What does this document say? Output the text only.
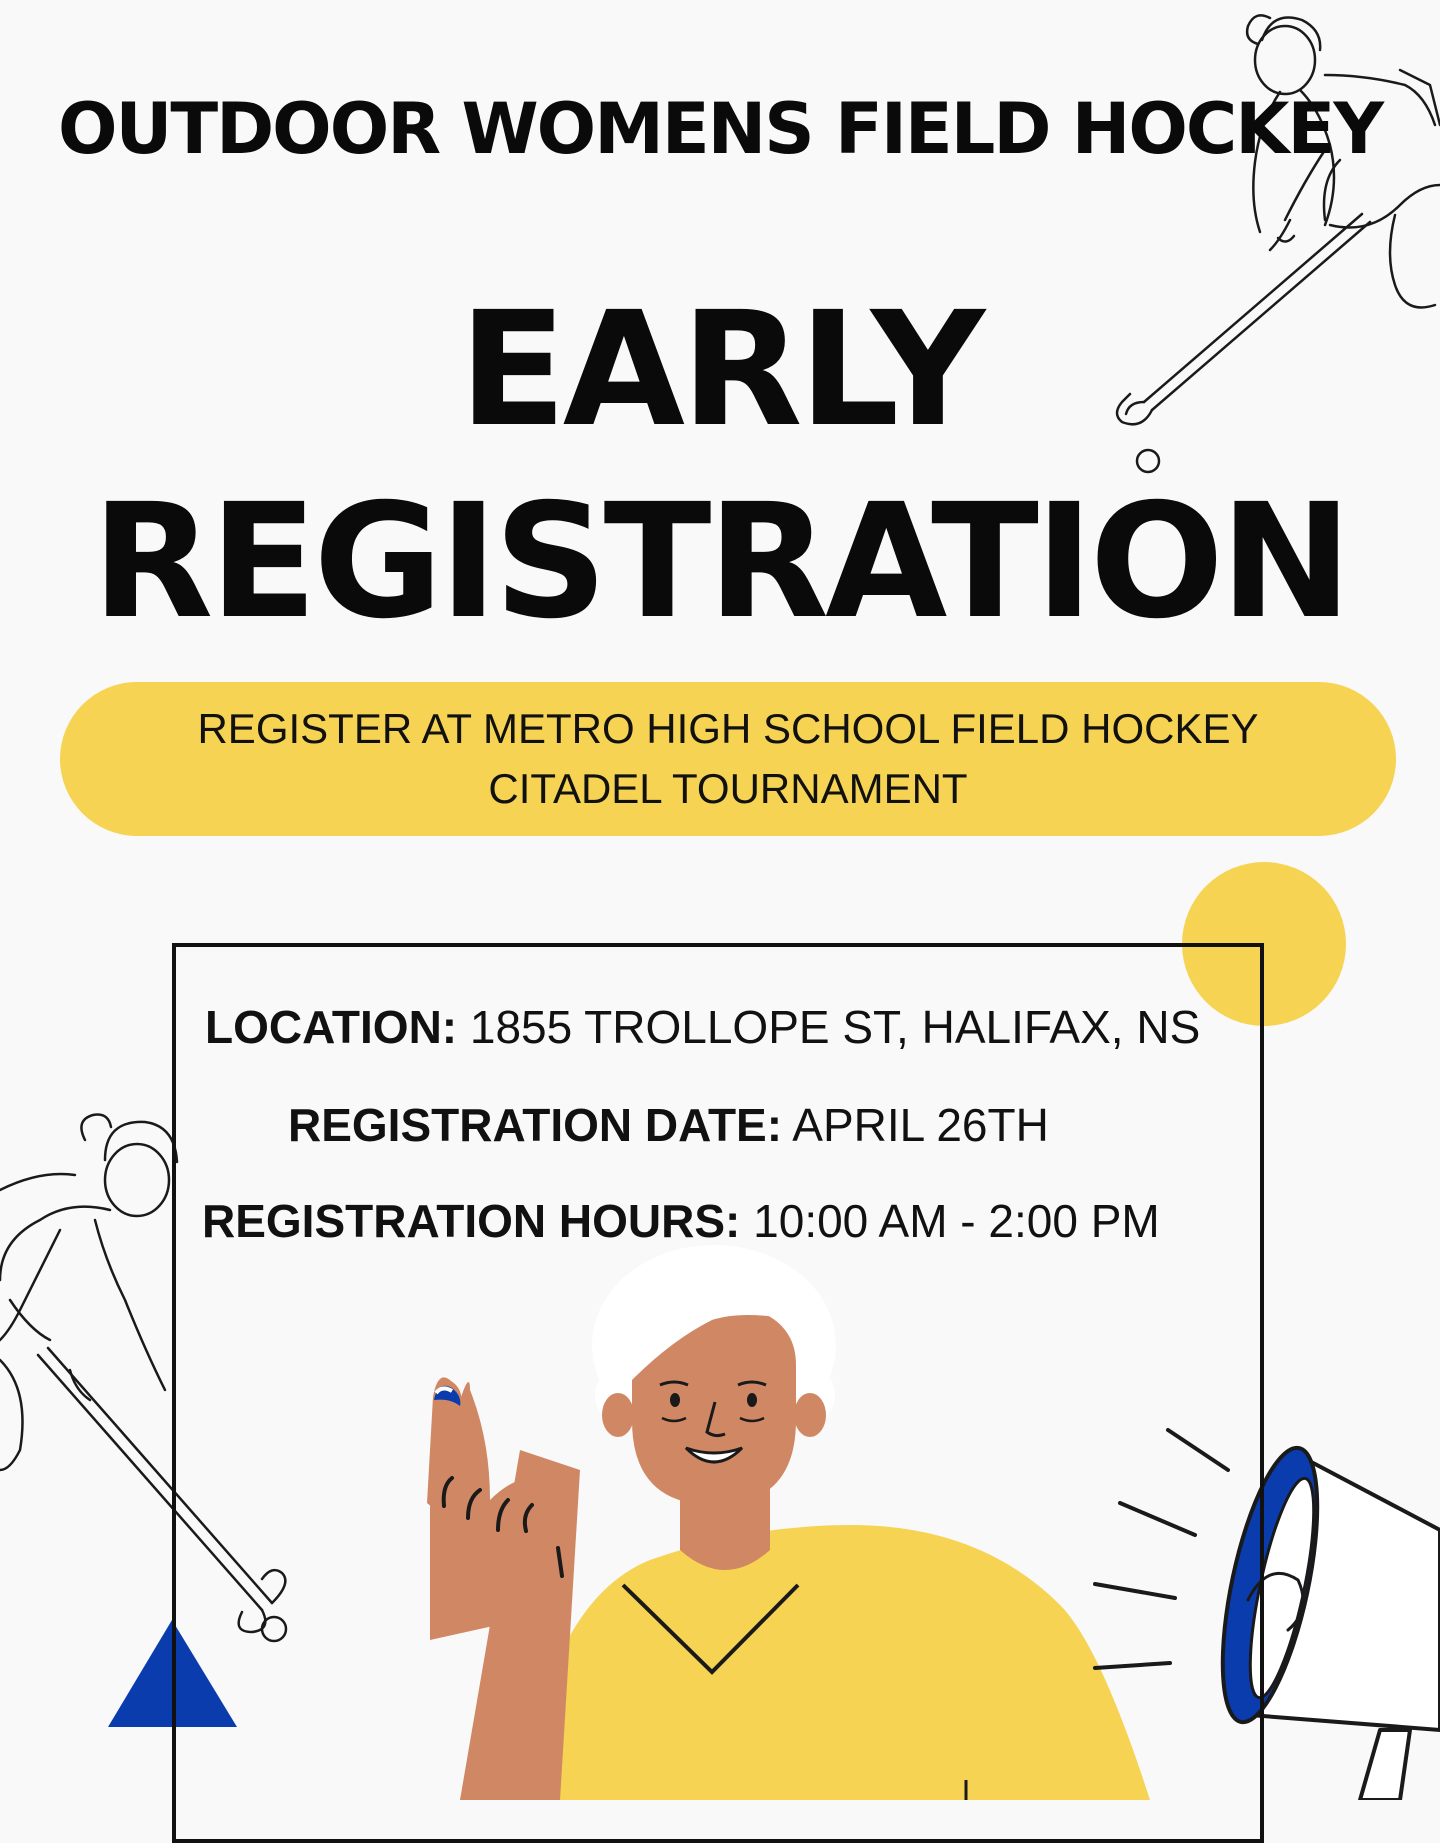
OUTDOOR WOMENS FIELD HOCKEY
EARLY
REGISTRATION
REGISTER AT METRO HIGH SCHOOL FIELD HOCKEY
CITADEL TOURNAMENT
LOCATION: 1855 TROLLOPE ST, HALIFAX, NS
REGISTRATION DATE: APRIL 26TH
REGISTRATION HOURS: 10:00 AM - 2:00 PM
